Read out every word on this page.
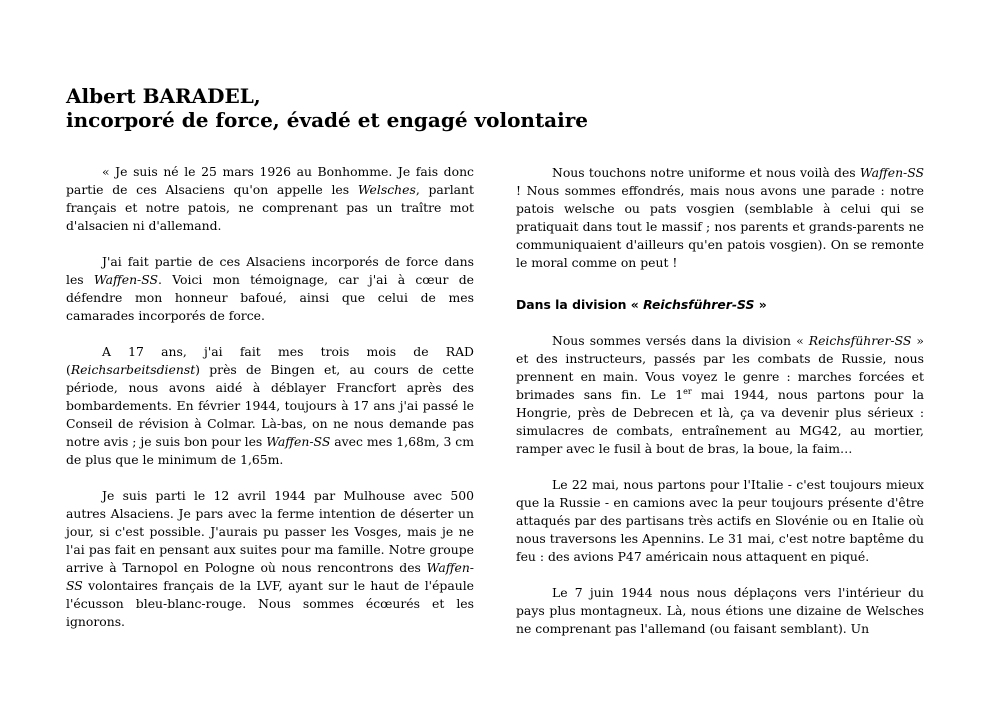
Albert BARADEL,
incorporé de force, évadé et engagé volontaire

« Je suis né le 25 mars 1926 au Bonhomme. Je fais donc partie de ces Alsaciens qu'on appelle les Welsches, parlant français et notre patois, ne comprenant pas un traître mot d'alsacien ni d'allemand.

J'ai fait partie de ces Alsaciens incorporés de force dans les Waffen-SS. Voici mon témoignage, car j'ai à cœur de défendre mon honneur bafoué, ainsi que celui de mes camarades incorporés de force.

A 17 ans, j'ai fait mes trois mois de RAD (Reichsarbeitsdienst) près de Bingen et, au cours de cette période, nous avons aidé à déblayer Francfort après des bombardements. En février 1944, toujours à 17 ans j'ai passé le Conseil de révision à Colmar. Là-bas, on ne nous demande pas notre avis ; je suis bon pour les Waffen-SS avec mes 1,68m, 3 cm de plus que le minimum de 1,65m.

Je suis parti le 12 avril 1944 par Mulhouse avec 500 autres Alsaciens. Je pars avec la ferme intention de déserter un jour, si c'est possible. J'aurais pu passer les Vosges, mais je ne l'ai pas fait en pensant aux suites pour ma famille. Notre groupe arrive à Tarnopol en Pologne où nous rencontrons des Waffen-SS volontaires français de la LVF, ayant sur le haut de l'épaule l'écusson bleu-blanc-rouge. Nous sommes écœurés et les ignorons.

Nous touchons notre uniforme et nous voilà des Waffen-SS ! Nous sommes effondrés, mais nous avons une parade : notre patois welsche ou pats vosgien (semblable à celui qui se pratiquait dans tout le massif ; nos parents et grands-parents ne communiquaient d'ailleurs qu'en patois vosgien). On se remonte le moral comme on peut !

Dans la division « Reichsführer-SS »

Nous sommes versés dans la division « Reichsführer-SS » et des instructeurs, passés par les combats de Russie, nous prennent en main. Vous voyez le genre : marches forcées et brimades sans fin. Le 1er mai 1944, nous partons pour la Hongrie, près de Debrecen et là, ça va devenir plus sérieux : simulacres de combats, entraînement au MG42, au mortier, ramper avec le fusil à bout de bras, la boue, la faim…

Le 22 mai, nous partons pour l'Italie - c'est toujours mieux que la Russie - en camions avec la peur toujours présente d'être attaqués par des partisans très actifs en Slovénie ou en Italie où nous traversons les Apennins. Le 31 mai, c'est notre baptême du feu : des avions P47 américain nous attaquent en piqué.

Le 7 juin 1944 nous nous déplaçons vers l'intérieur du pays plus montagneux. Là, nous étions une dizaine de Welsches ne comprenant pas l'allemand (ou faisant semblant). Un
